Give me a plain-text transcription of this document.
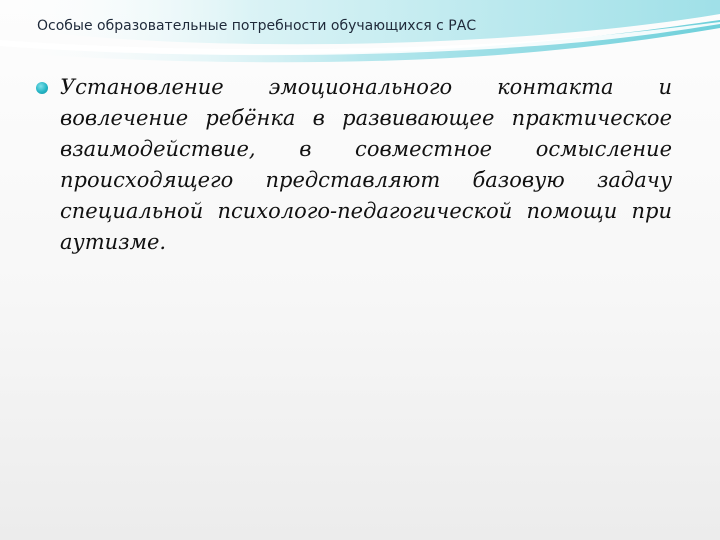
Особые образовательные потребности обучающихся с РАС

Установление эмоционального контакта и вовлечение ребёнка в развивающее практическое взаимодействие, в совместное осмысление происходящего представляют базовую задачу специальной психолого-педагогической помощи при аутизме.
